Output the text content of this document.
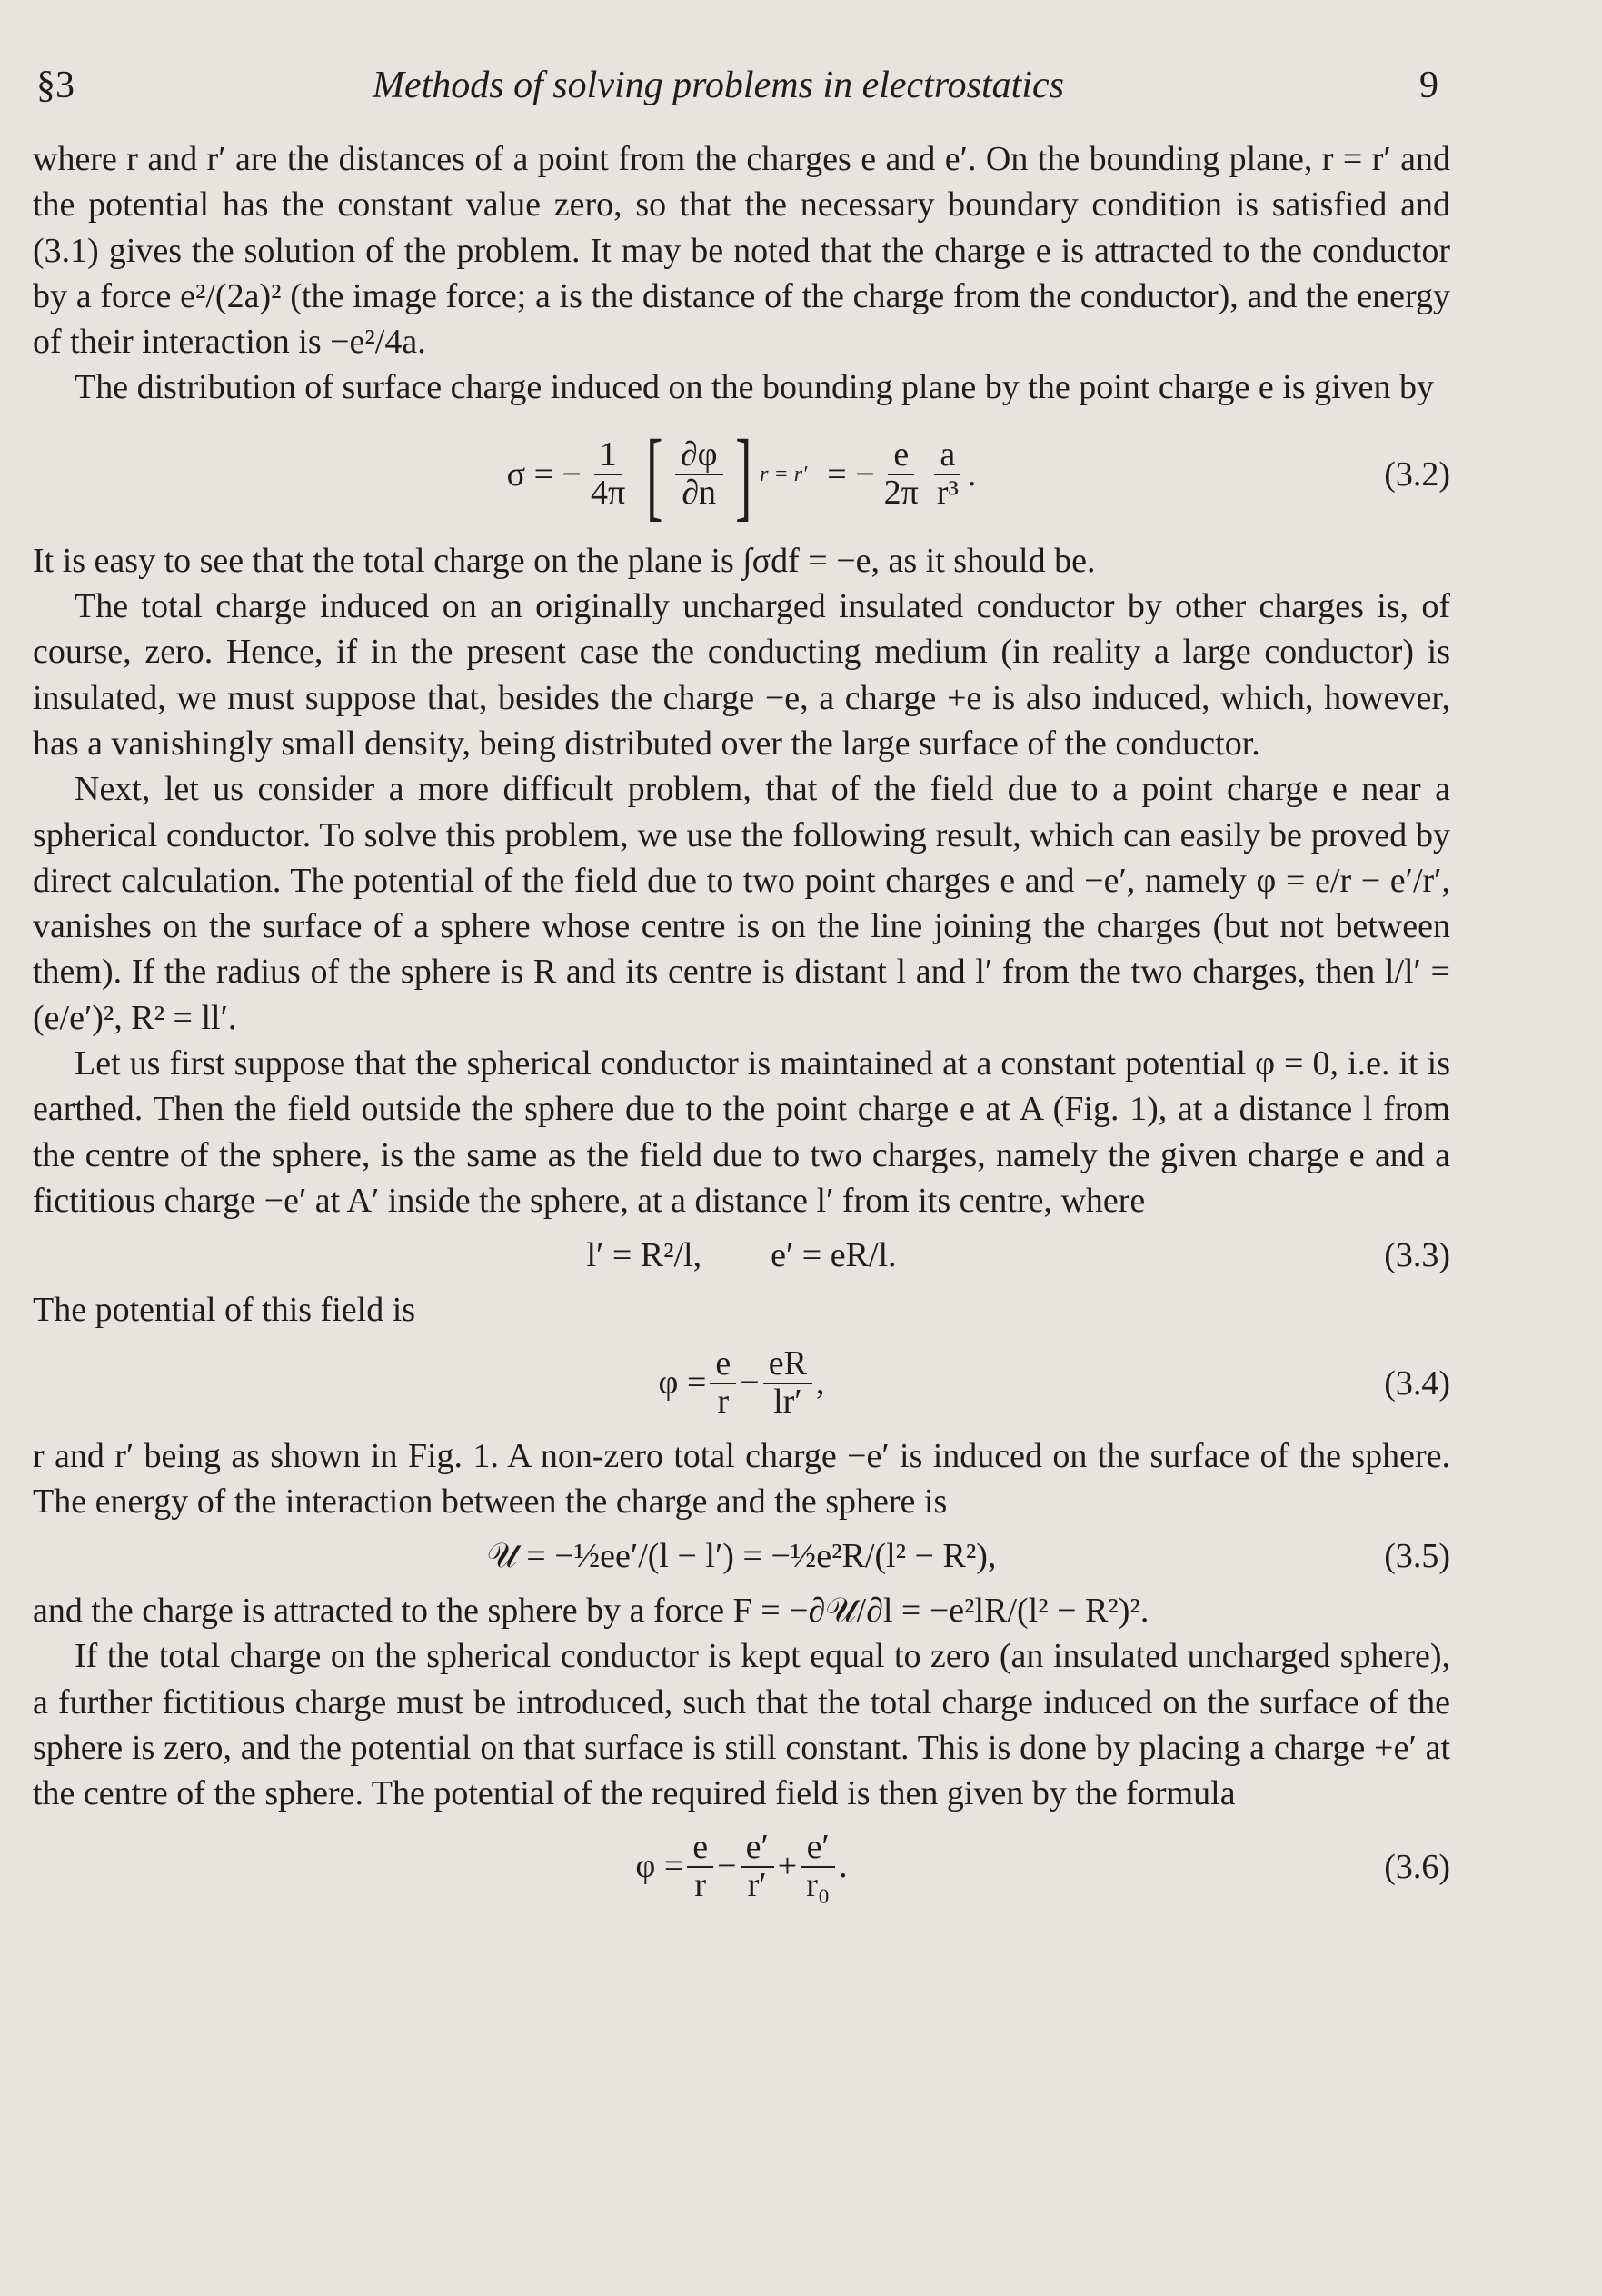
§3	Methods of solving problems in electrostatics	9

where r and r′ are the distances of a point from the charges e and e′. On the bounding plane, r = r′ and the potential has the constant value zero, so that the necessary boundary condition is satisfied and (3.1) gives the solution of the problem. It may be noted that the charge e is attracted to the conductor by a force e²/(2a)² (the image force; a is the distance of the charge from the conductor), and the energy of their interaction is −e²/4a.

The distribution of surface charge induced on the bounding plane by the point charge e is given by

σ = − $\frac{1}{4\pi}$ [ $\frac{\partial\varphi}{\partial n}$ ] r = r′ = − $\frac{e}{2\pi} \frac{a}{\text{r³}}$ .	(3.2)

It is easy to see that the total charge on the plane is ∫σdf = −e, as it should be.

The total charge induced on an originally uncharged insulated conductor by other charges is, of course, zero. Hence, if in the present case the conducting medium (in reality a large conductor) is insulated, we must suppose that, besides the charge −e, a charge +e is also induced, which, however, has a vanishingly small density, being distributed over the large surface of the conductor.

Next, let us consider a more difficult problem, that of the field due to a point charge e near a spherical conductor. To solve this problem, we use the following result, which can easily be proved by direct calculation. The potential of the field due to two point charges e and −e′, namely φ = e/r − e′/r′, vanishes on the surface of a sphere whose centre is on the line joining the charges (but not between them). If the radius of the sphere is R and its centre is distant l and l′ from the two charges, then l/l′ = (e/e′)², R² = ll′.

Let us first suppose that the spherical conductor is maintained at a constant potential φ = 0, i.e. it is earthed. Then the field outside the sphere due to the point charge e at A (Fig. 1), at a distance l from the centre of the sphere, is the same as the field due to two charges, namely the given charge e and a fictitious charge −e′ at A′ inside the sphere, at a distance l′ from its centre, where

l′ = R²/l,        e′ = eR/l.	(3.3)

The potential of this field is

$\varphi = \frac{e}{r} - \frac{eR}{lr'}$ ,	(3.4)

r and r′ being as shown in Fig. 1. A non-zero total charge −e′ is induced on the surface of the sphere. The energy of the interaction between the charge and the sphere is

𝒰 = −½ee′/(l − l′) = −½e²R/(l² − R²),	(3.5)

and the charge is attracted to the sphere by a force F = −∂𝒰/∂l = −e²lR/(l² − R²)².

If the total charge on the spherical conductor is kept equal to zero (an insulated uncharged sphere), a further fictitious charge must be introduced, such that the total charge induced on the surface of the sphere is zero, and the potential on that surface is still constant. This is done by placing a charge +e′ at the centre of the sphere. The potential of the required field is then given by the formula

$\varphi = \frac{e}{r} - \frac{e'}{r'} + \frac{e'}{\text{r₀}}$ .	(3.6)
